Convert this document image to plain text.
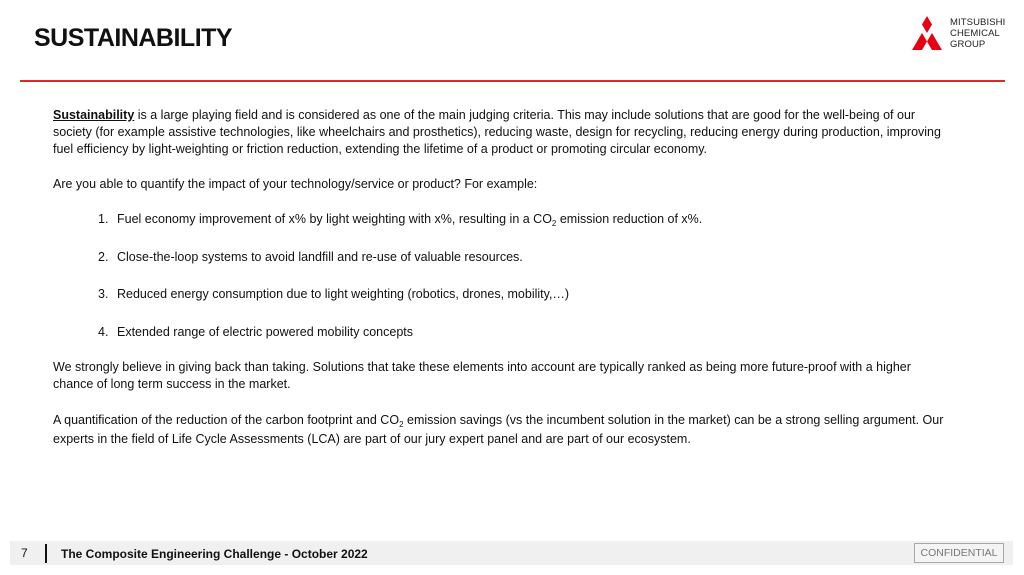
SUSTAINABILITY
MITSUBISHI
CHEMICAL
GROUP

Sustainability is a large playing field and is considered as one of the main judging criteria. This may include solutions that are good for the well-being of our society (for example assistive technologies, like wheelchairs and prosthetics), reducing waste, design for recycling, reducing energy during production, improving fuel efficiency by light-weighting or friction reduction, extending the lifetime of a product or promoting circular economy.

Are you able to quantify the impact of your technology/service or product? For example:

1. Fuel economy improvement of x% by light weighting with x%, resulting in a $CO_2$ emission reduction of x%.
2. Close-the-loop systems to avoid landfill and re-use of valuable resources.
3. Reduced energy consumption due to light weighting (robotics, drones, mobility,…)
4. Extended range of electric powered mobility concepts

We strongly believe in giving back than taking. Solutions that take these elements into account are typically ranked as being more future-proof with a higher chance of long term success in the market.

A quantification of the reduction of the carbon footprint and $CO_2$ emission savings (vs the incumbent solution in the market) can be a strong selling argument. Our experts in the field of Life Cycle Assessments (LCA) are part of our jury expert panel and are part of our ecosystem.

7	The Composite Engineering Challenge - October 2022	CONFIDENTIAL
